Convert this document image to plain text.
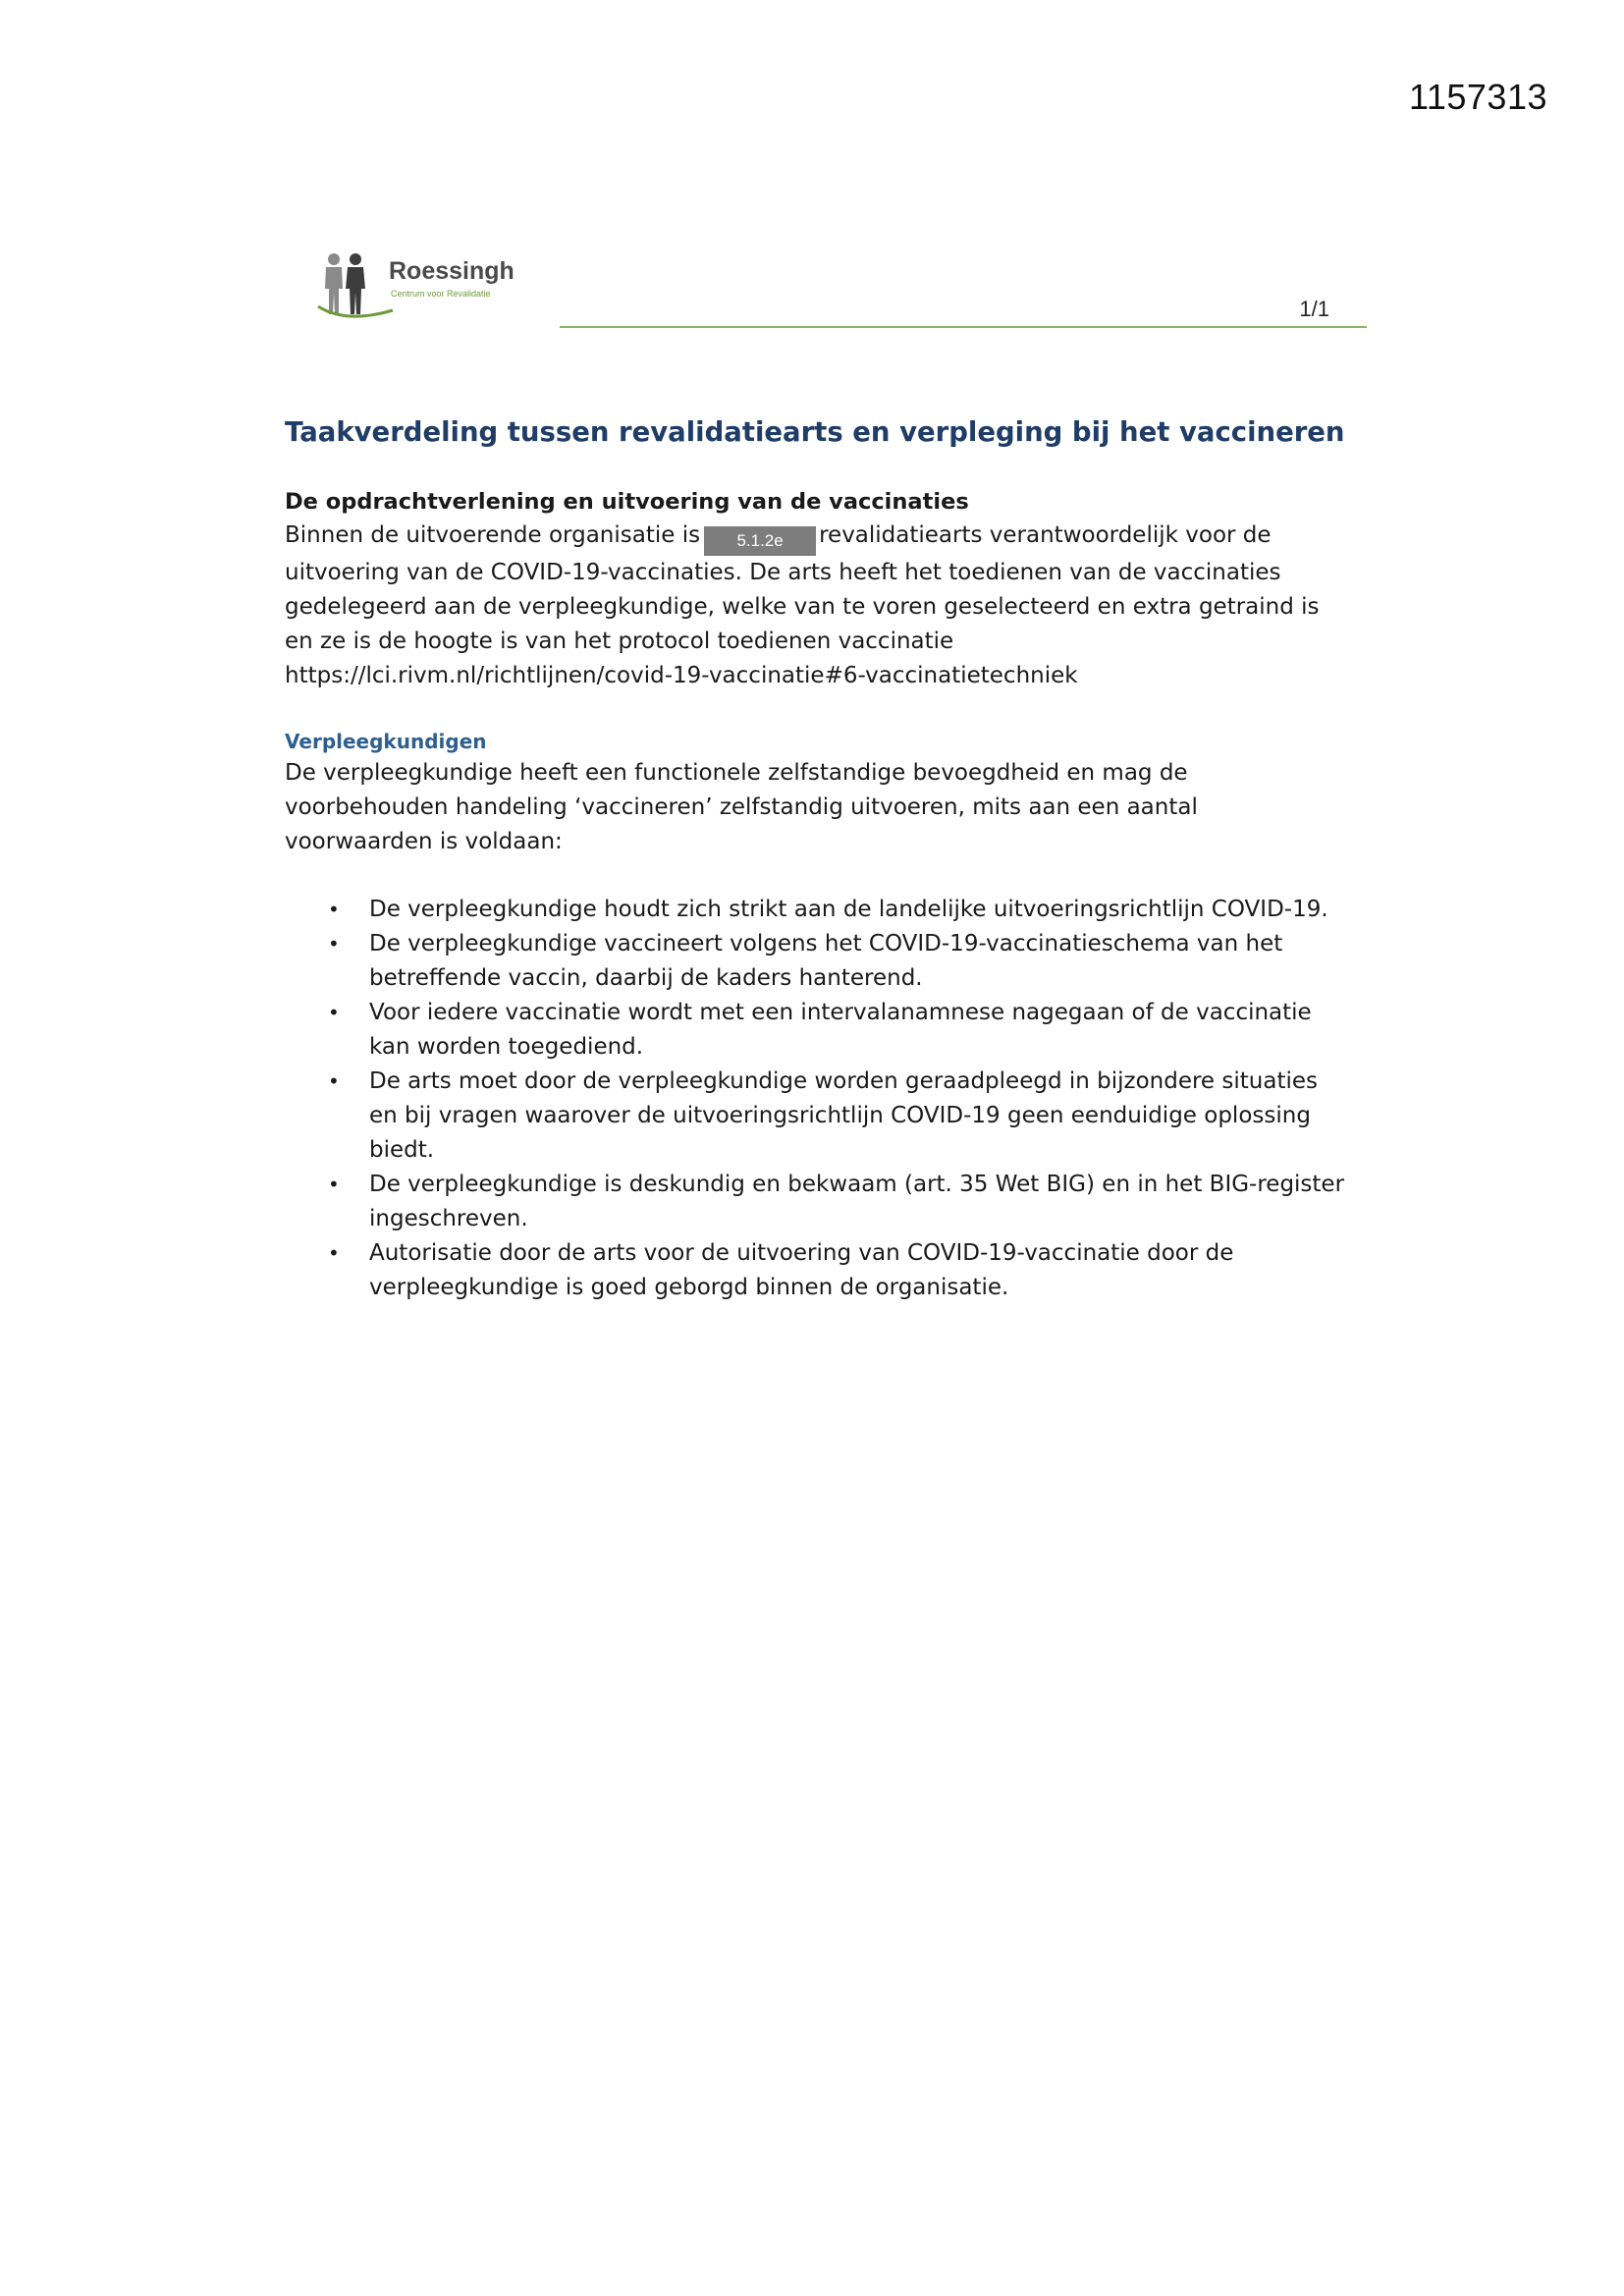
1157313
Roessingh
Centrum voor Revalidatie
1/1
Taakverdeling tussen revalidatiearts en verpleging bij het vaccineren
De opdrachtverlening en uitvoering van de vaccinaties

Binnen de uitvoerende organisatie is 5.1.2e revalidatiearts verantwoordelijk voor de
uitvoering van de COVID-19-vaccinaties. De arts heeft het toedienen van de vaccinaties
gedelegeerd aan de verpleegkundige, welke van te voren geselecteerd en extra getraind is
en ze is de hoogte is van het protocol toedienen vaccinatie
https://lci.rivm.nl/richtlijnen/covid-19-vaccinatie#6-vaccinatietechniek

Verpleegkundigen

De verpleegkundige heeft een functionele zelfstandige bevoegdheid en mag de
voorbehouden handeling ‘vaccineren’ zelfstandig uitvoeren, mits aan een aantal
voorwaarden is voldaan:

• De verpleegkundige houdt zich strikt aan de landelijke uitvoeringsrichtlijn COVID-19.
• De verpleegkundige vaccineert volgens het COVID-19-vaccinatieschema van het
betreffende vaccin, daarbij de kaders hanterend.
• Voor iedere vaccinatie wordt met een intervalanamnese nagegaan of de vaccinatie
kan worden toegediend.
• De arts moet door de verpleegkundige worden geraadpleegd in bijzondere situaties
en bij vragen waarover de uitvoeringsrichtlijn COVID-19 geen eenduidige oplossing
biedt.
• De verpleegkundige is deskundig en bekwaam (art. 35 Wet BIG) en in het BIG-register
ingeschreven.
• Autorisatie door de arts voor de uitvoering van COVID-19-vaccinatie door de
verpleegkundige is goed geborgd binnen de organisatie.
